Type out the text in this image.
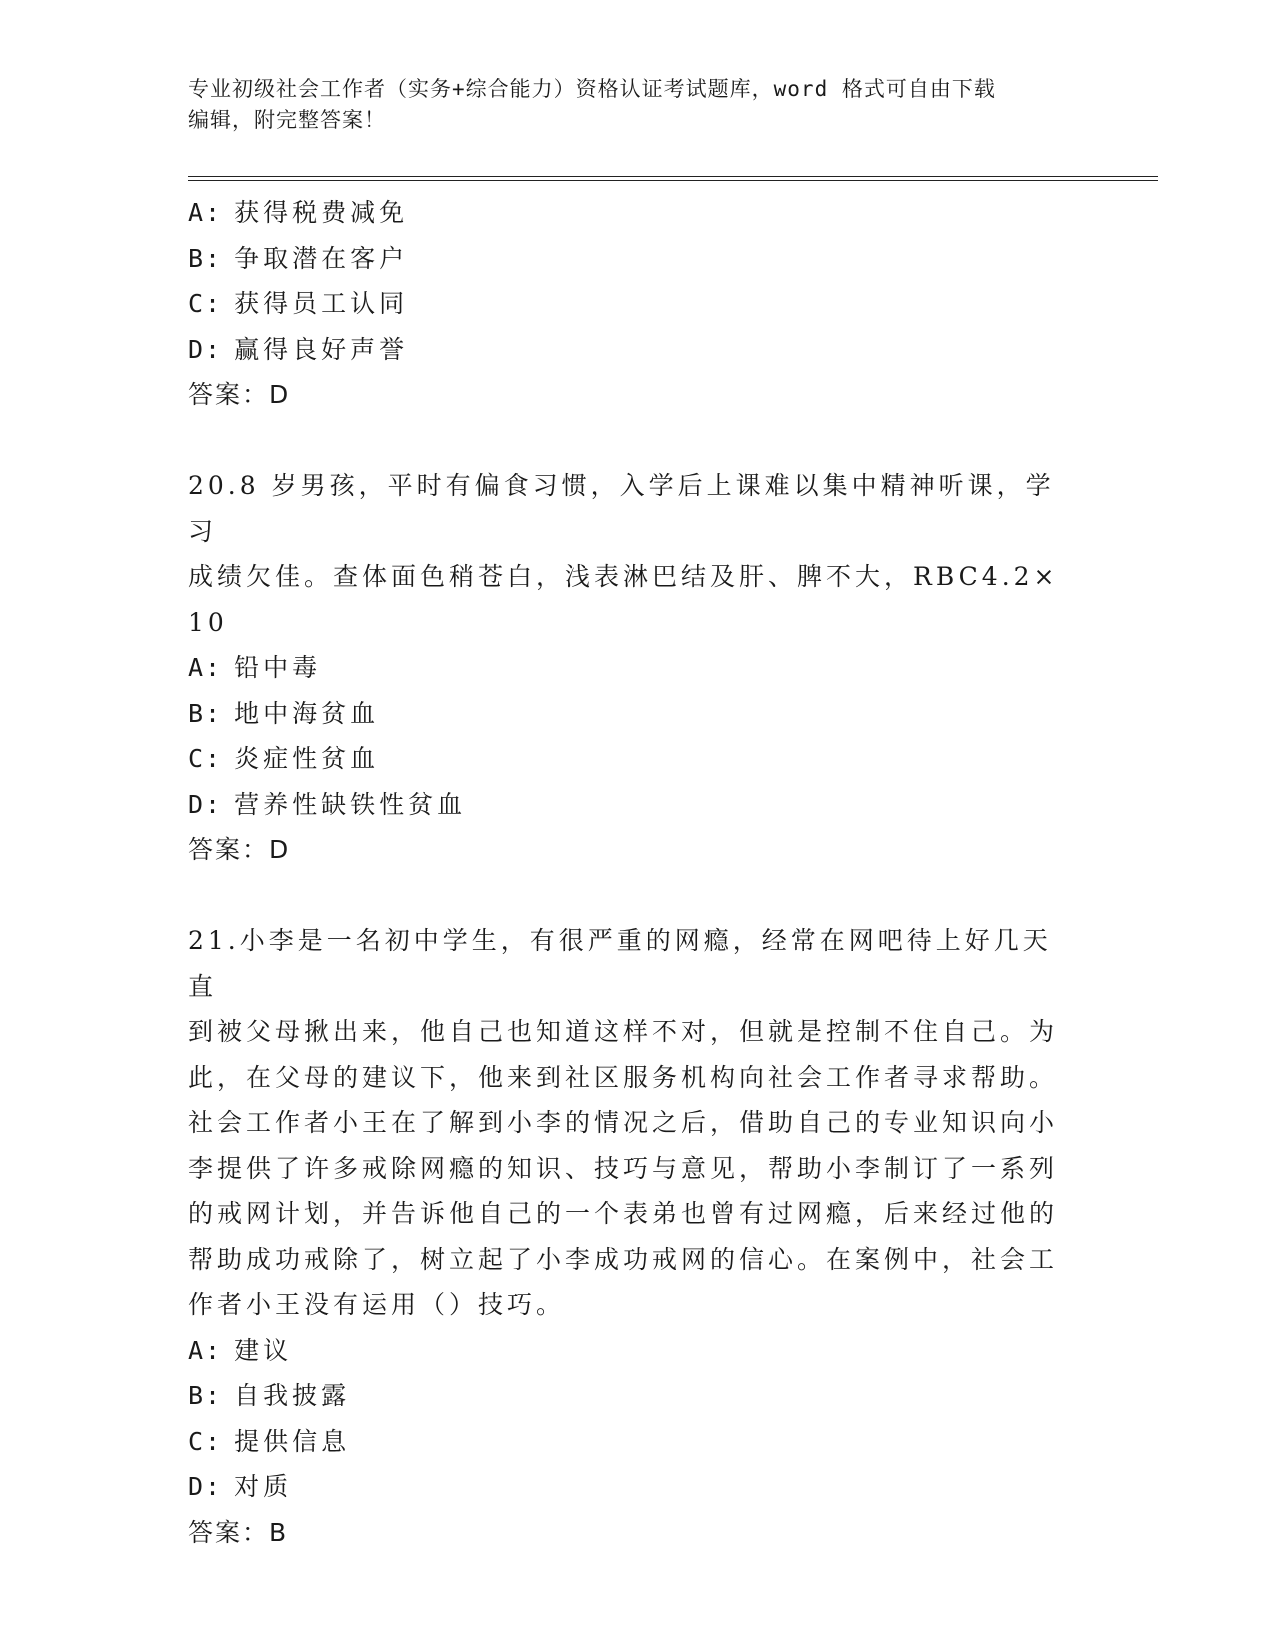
专业初级社会工作者（实务+综合能力）资格认证考试题库，word 格式可自由下载
编辑，附完整答案！
A: 获得税费减免
B: 争取潜在客户
C: 获得员工认同
D: 赢得良好声誉
答案：D
20.8 岁男孩，平时有偏食习惯，入学后上课难以集中精神听课，学习
成绩欠佳。查体面色稍苍白，浅表淋巴结及肝、脾不大，RBC4.2×10
A: 铅中毒
B: 地中海贫血
C: 炎症性贫血
D: 营养性缺铁性贫血
答案：D
21.小李是一名初中学生，有很严重的网瘾，经常在网吧待上好几天直
到被父母揪出来，他自己也知道这样不对，但就是控制不住自己。为
此，在父母的建议下，他来到社区服务机构向社会工作者寻求帮助。
社会工作者小王在了解到小李的情况之后，借助自己的专业知识向小
李提供了许多戒除网瘾的知识、技巧与意见，帮助小李制订了一系列
的戒网计划，并告诉他自己的一个表弟也曾有过网瘾，后来经过他的
帮助成功戒除了，树立起了小李成功戒网的信心。在案例中，社会工
作者小王没有运用（）技巧。
A: 建议
B: 自我披露
C: 提供信息
D: 对质
答案：B
